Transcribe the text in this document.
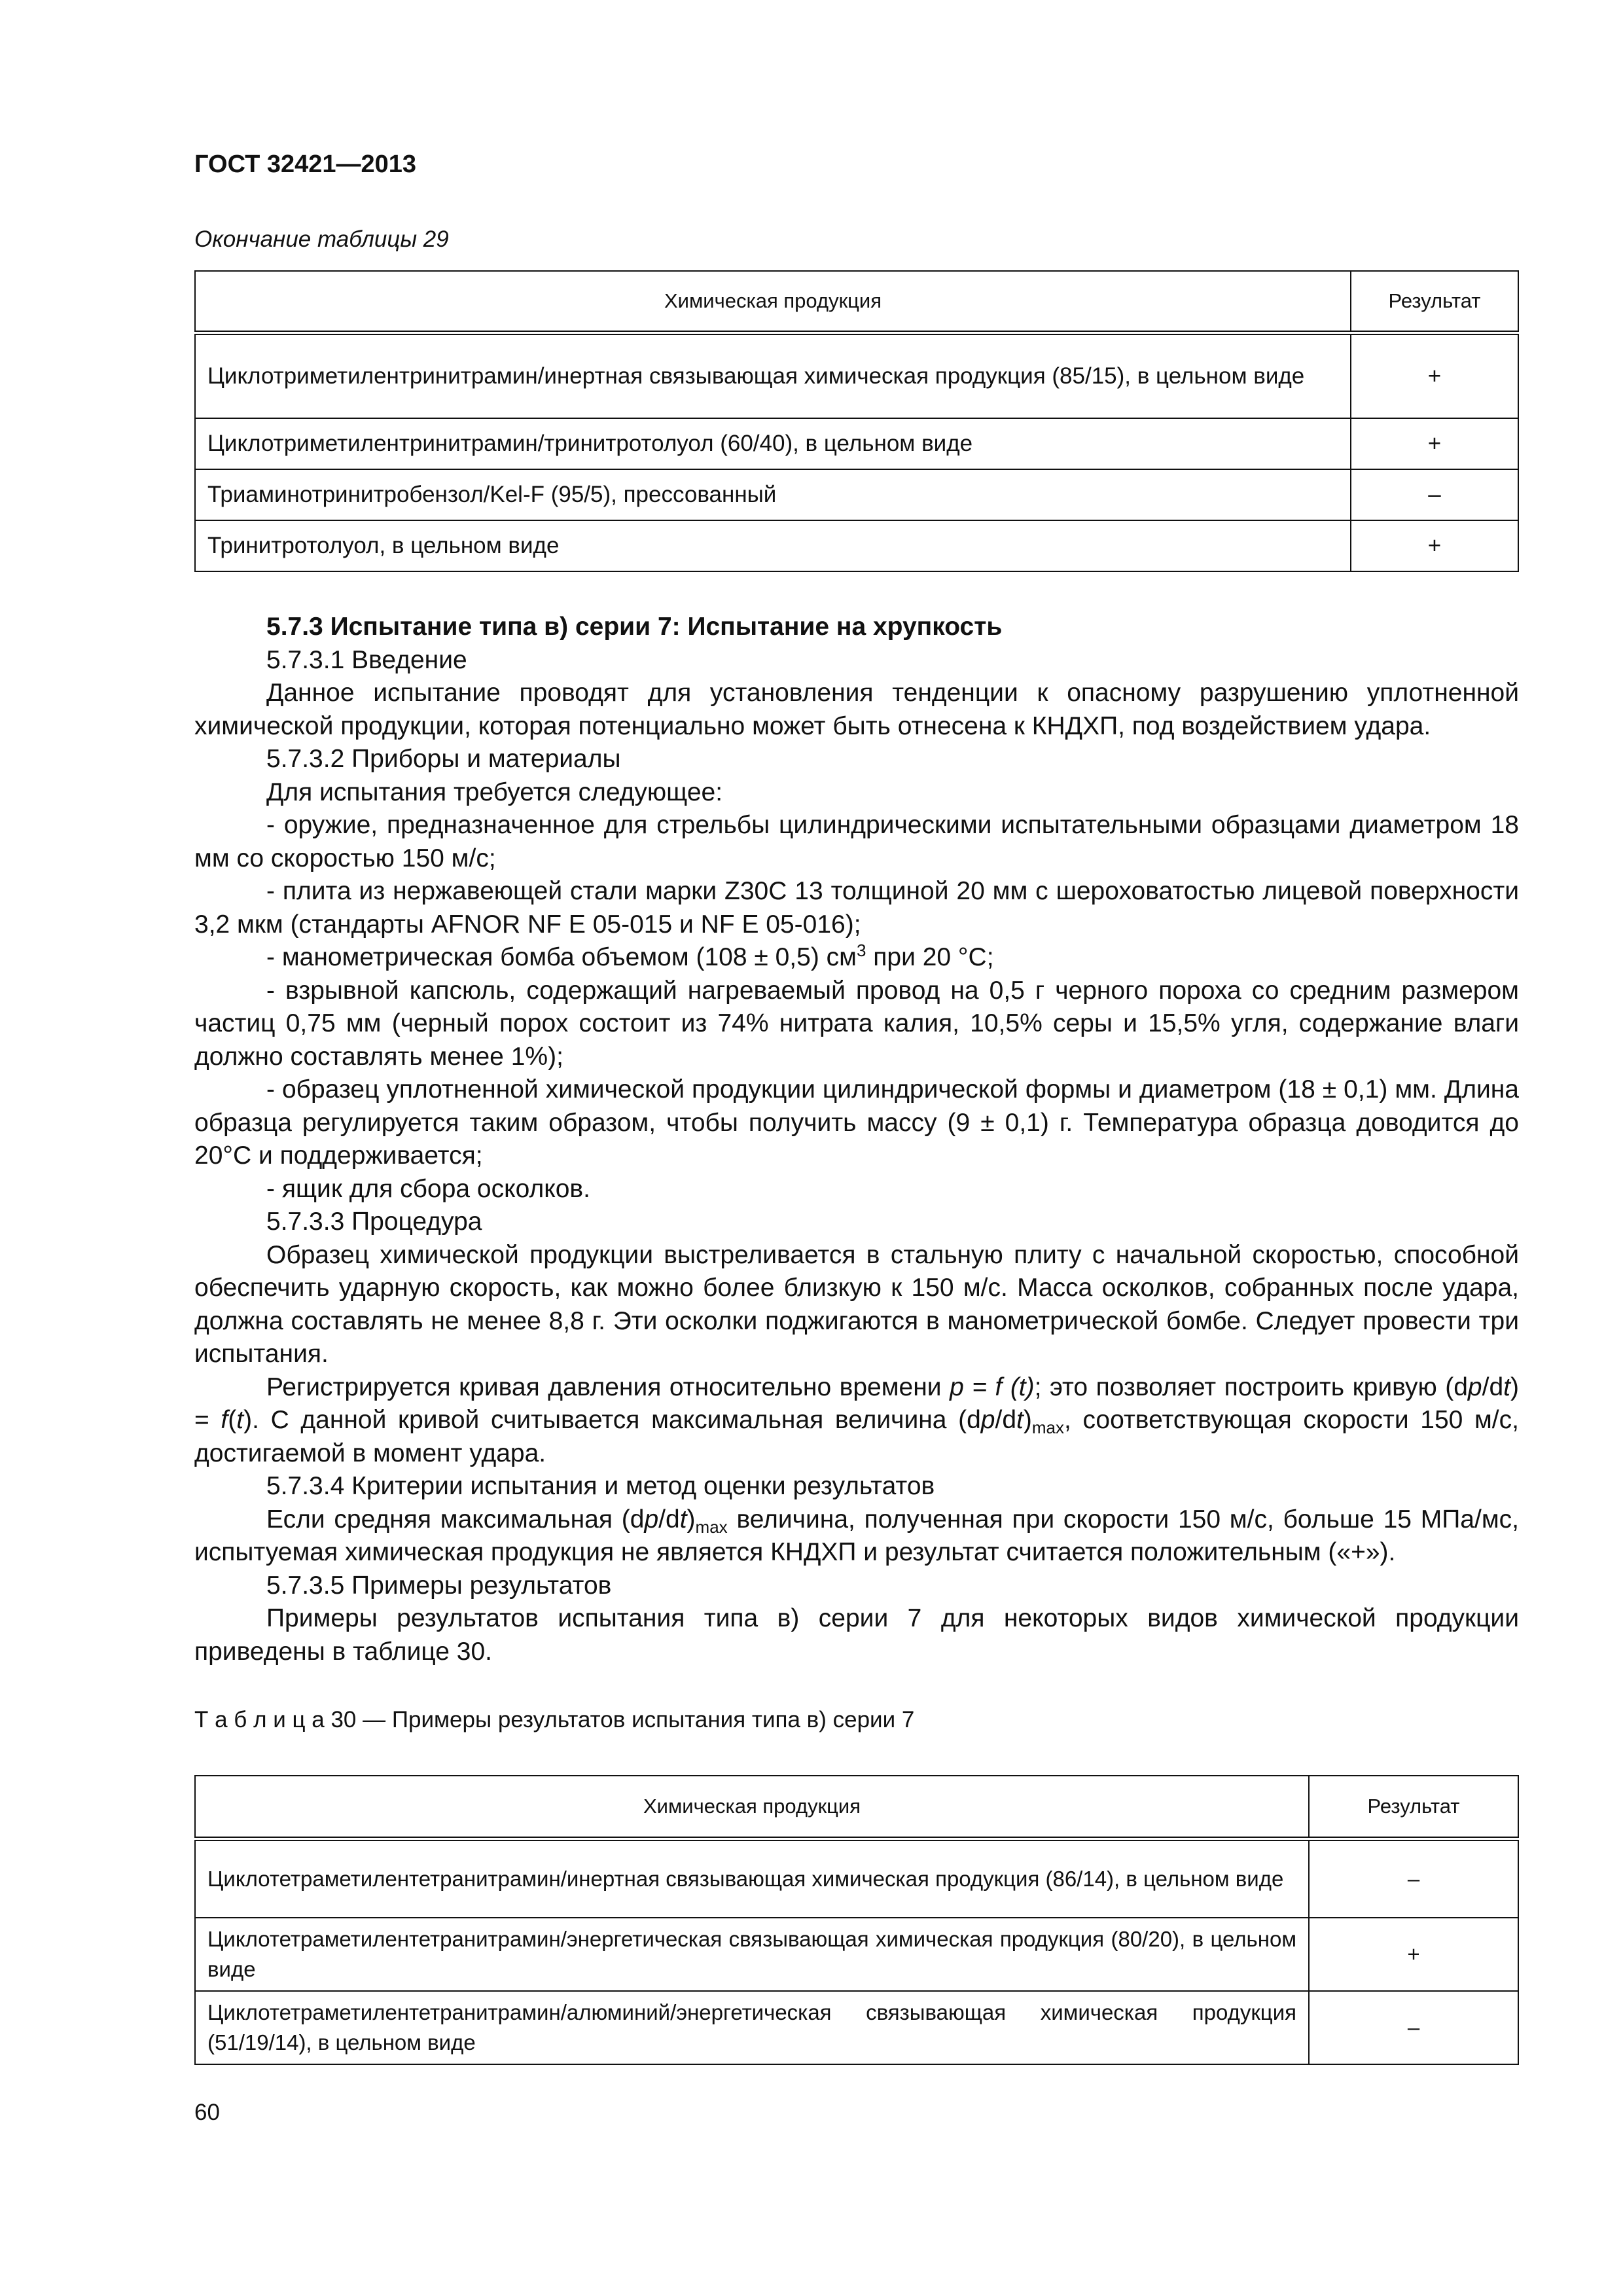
ГОСТ 32421—2013
Окончание таблицы 29
Химическая продукция	Результат
Циклотриметилентринитрамин/инертная связывающая химическая продукция (85/15), в цельном виде	+
Циклотриметилентринитрамин/тринитротолуол (60/40), в цельном виде	+
Триаминотринитробензол/Kel-F (95/5), прессованный	–
Тринитротолуол, в цельном виде	+

5.7.3 Испытание типа в) серии 7: Испытание на хрупкость

5.7.3.1 Введение

Данное испытание проводят для установления тенденции к опасному разрушению уплотненной химической продукции, которая потенциально может быть отнесена к КНДХП, под воздействием удара.

5.7.3.2 Приборы и материалы

Для испытания требуется следующее:

- оружие, предназначенное для стрельбы цилиндрическими испытательными образцами диаметром 18 мм со скоростью 150 м/с;

- плита из нержавеющей стали марки Z30C 13 толщиной 20 мм с шероховатостью лицевой поверхности 3,2 мкм (стандарты AFNOR NF E 05-015 и NF E 05-016);

- манометрическая бомба объемом (108 ± 0,5) $см^3$ при 20 °С;

- взрывной капсюль, содержащий нагреваемый провод на 0,5 г черного пороха со средним размером частиц 0,75 мм (черный порох состоит из 74% нитрата калия, 10,5% серы и 15,5% угля, содержание влаги должно составлять менее 1%);

- образец уплотненной химической продукции цилиндрической формы и диаметром (18 ± 0,1) мм. Длина образца регулируется таким образом, чтобы получить массу (9 ± 0,1) г. Температура образца доводится до 20°С и поддерживается;

- ящик для сбора осколков.

5.7.3.3 Процедура

Образец химической продукции выстреливается в стальную плиту с начальной скоростью, способной обеспечить ударную скорость, как можно более близкую к 150 м/с. Масса осколков, собранных после удара, должна составлять не менее 8,8 г. Эти осколки поджигаются в манометрической бомбе. Следует провести три испытания.

Регистрируется кривая давления относительно времени p = f (t); это позволяет построить кривую (dp/dt) = f(t). С данной кривой считывается максимальная величина $(dp/dt)_{max}$, соответствующая скорости 150 м/с, достигаемой в момент удара.

5.7.3.4 Критерии испытания и метод оценки результатов

Если средняя максимальная $(dp/dt)_{max}$ величина, полученная при скорости 150 м/с, больше 15 МПа/мс, испытуемая химическая продукция не является КНДХП и результат считается положительным («+»).

5.7.3.5 Примеры результатов

Примеры результатов испытания типа в) серии 7 для некоторых видов химической продукции приведены в таблице 30.

Т а б л и ц а 30 — Примеры результатов испытания типа в) серии 7
Химическая продукция	Результат
Циклотетраметилентетранитрамин/инертная связывающая химическая продукция (86/14), в цельном виде	–
Циклотетраметилентетранитрамин/энергетическая связывающая химическая продукция (80/20), в цельном виде	+
Циклотетраметилентетранитрамин/алюминий/энергетическая связывающая химическая продукция (51/19/14), в цельном виде	–
60
